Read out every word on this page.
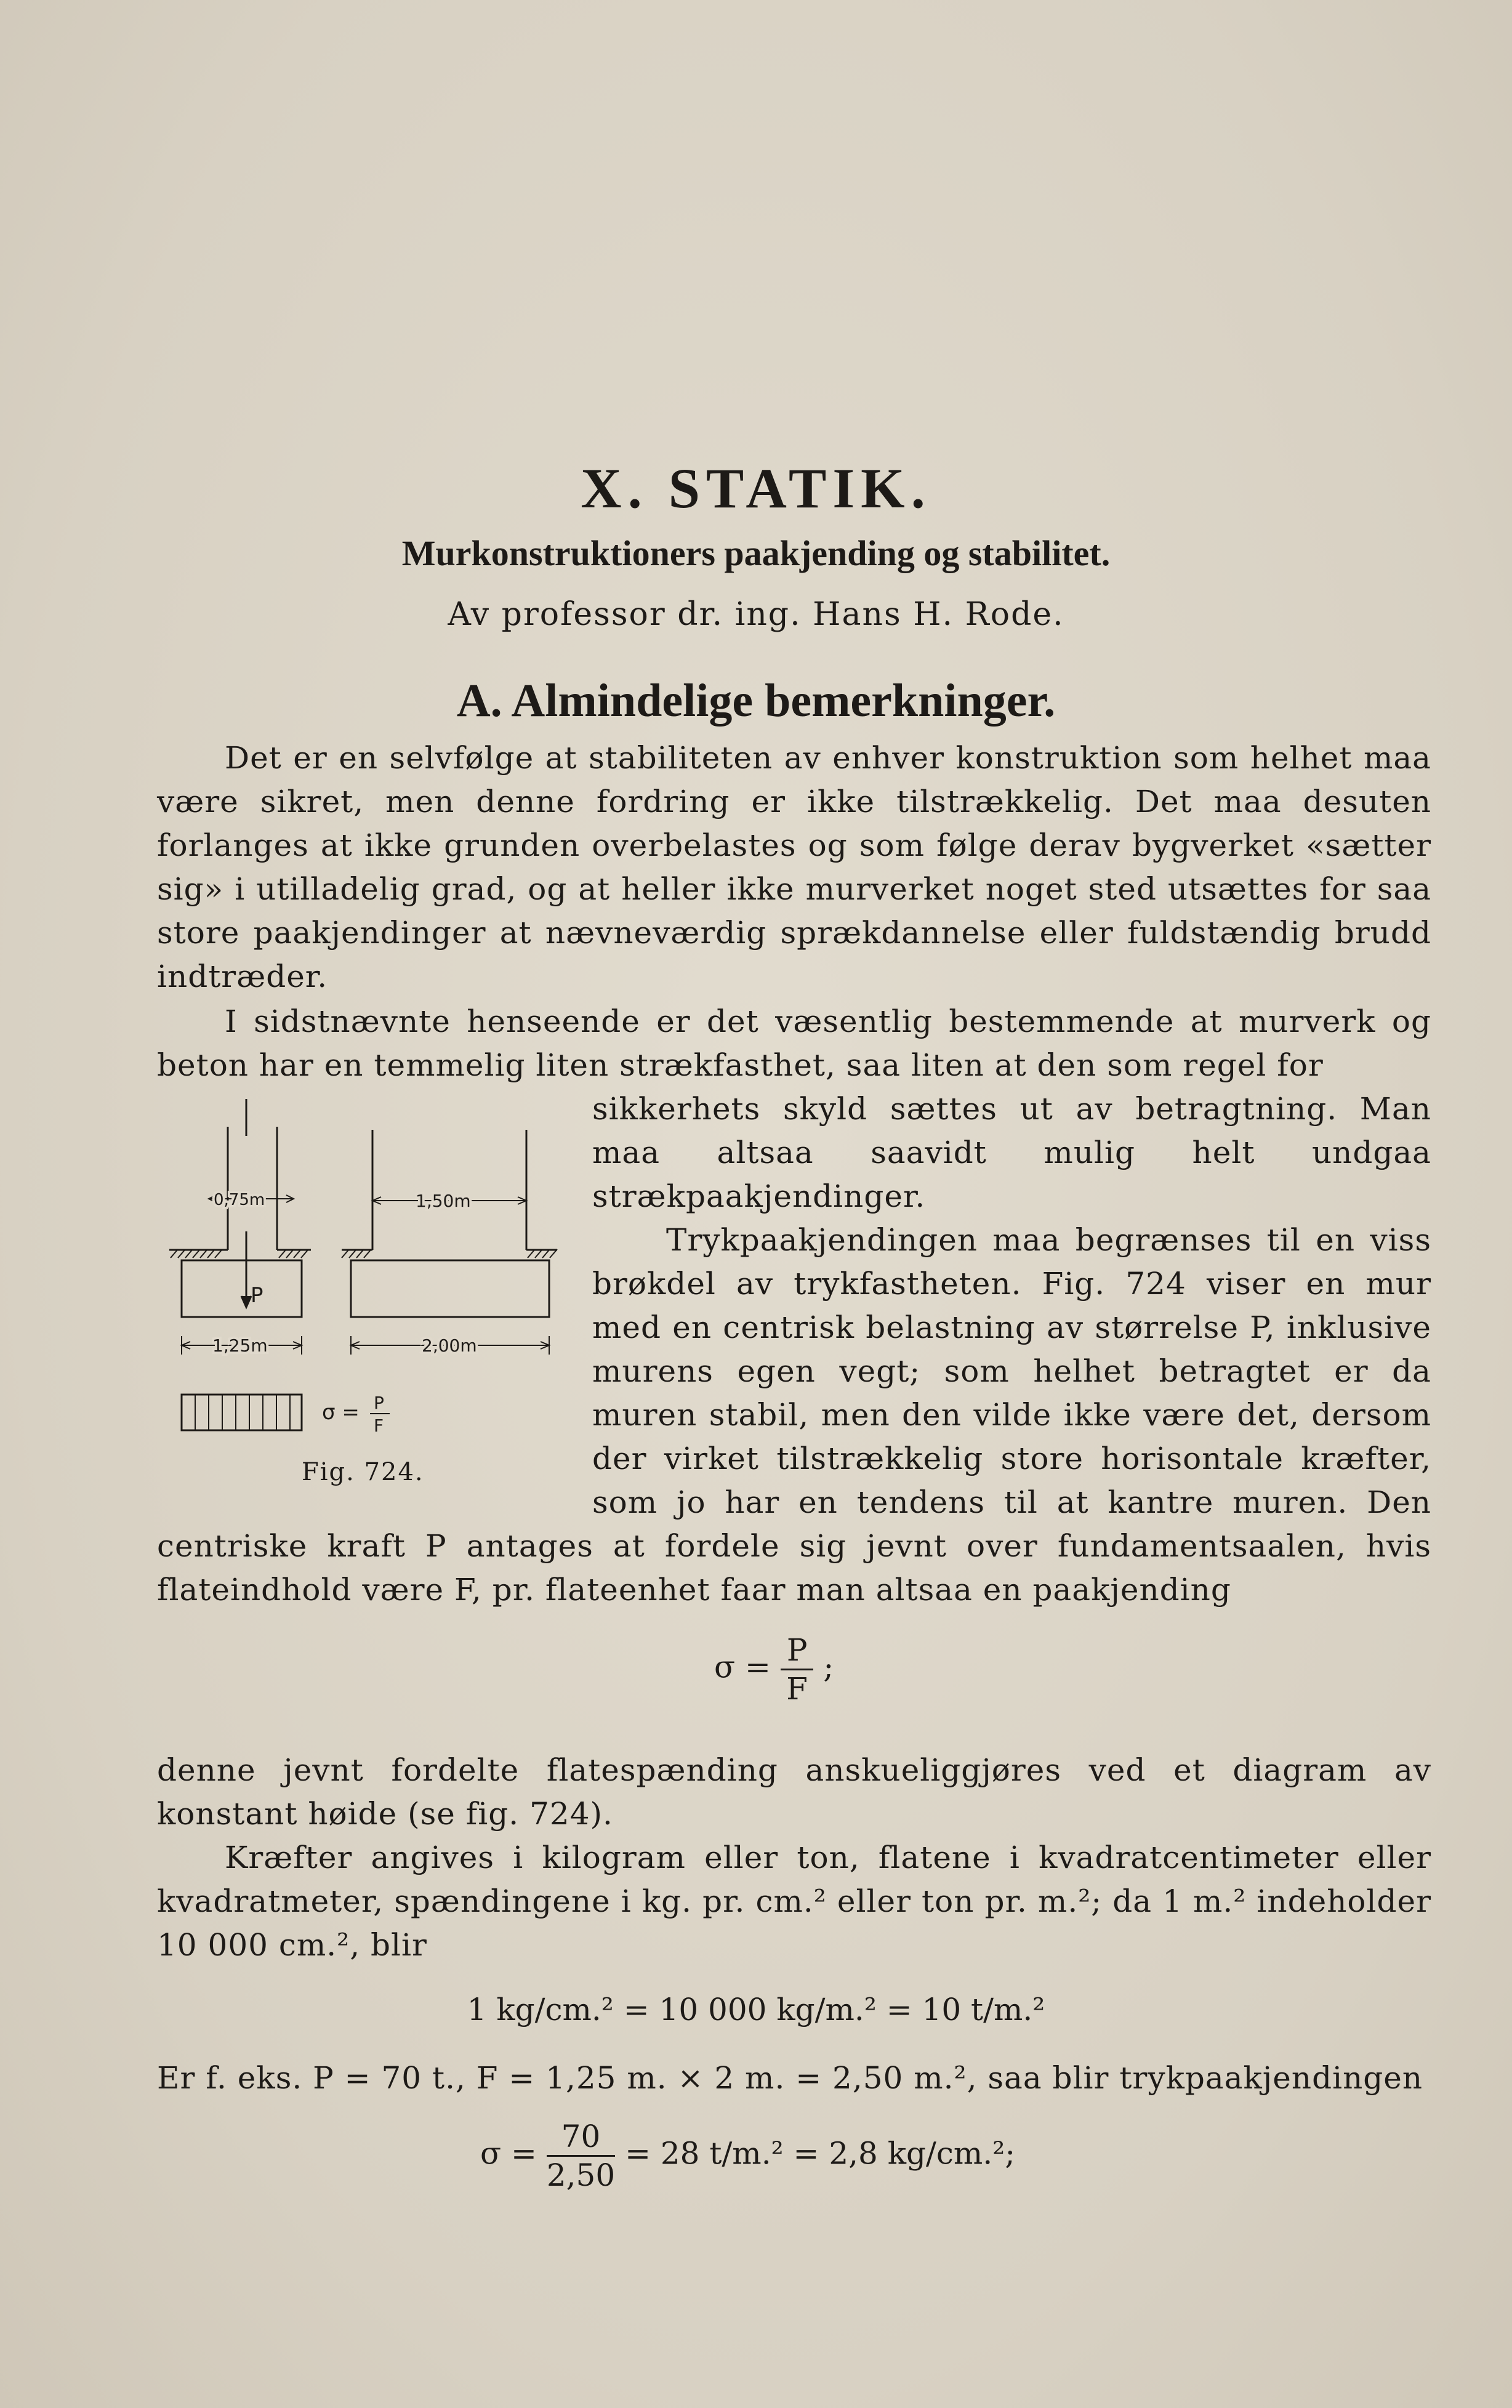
X. STATIK.
Murkonstruktioners paakjending og stabilitet.
Av professor dr. ing. Hans H. Rode.
A. Almindelige bemerkninger.
Det er en selvfølge at stabiliteten av enhver konstruktion som helhet maa være sikret, men denne fordring er ikke tilstrækkelig. Det maa desuten forlanges at ikke grunden overbelastes og som følge derav bygverket «sætter sig» i utilladelig grad, og at heller ikke murverket noget sted utsættes for saa store paakjendinger at nævneværdig sprækdannelse eller fuldstændig brudd indtræder.
I sidstnævnte henseende er det væsentlig bestemmende at murverk og beton har en temmelig liten strækfasthet, saa liten at den som regel for
0,75m	1,50m
P
1,25m	2,00m
σ = P
F
Fig. 724.
sikkerhets skyld sættes ut av betragtning. Man maa altsaa saavidt mulig helt undgaa strækpaakjendinger.
Trykpaakjendingen maa begrænses til en viss brøkdel av trykfastheten. Fig. 724 viser en mur med en centrisk belastning av størrelse P, inklusive murens egen vegt; som helhet betragtet er da muren stabil, men den vilde ikke være det, dersom der virket tilstrækkelig store horisontale kræfter, som jo har en tendens til at kantre muren. Den
centriske kraft P antages at fordele sig jevnt over fundamentsaalen, hvis flateindhold være F, pr. flateenhet faar man altsaa en paakjending
$\sigma = \frac{P}{F}$ ;
denne jevnt fordelte flatespænding anskueliggjøres ved et diagram av konstant høide (se fig. 724).
Kræfter angives i kilogram eller ton, flatene i kvadratcentimeter eller kvadratmeter, spændingene i kg. pr. cm.² eller ton pr. m.²; da 1 m.² indeholder 10 000 cm.², blir
1 kg/cm.² = 10 000 kg/m.² = 10 t/m.²
Er f. eks. P = 70 t., F = 1,25 m. × 2 m. = 2,50 m.², saa blir trykpaakjendingen
$\sigma = \frac{70}{2,50} = 28$ t/m.² = 2,8 kg/cm.²;
